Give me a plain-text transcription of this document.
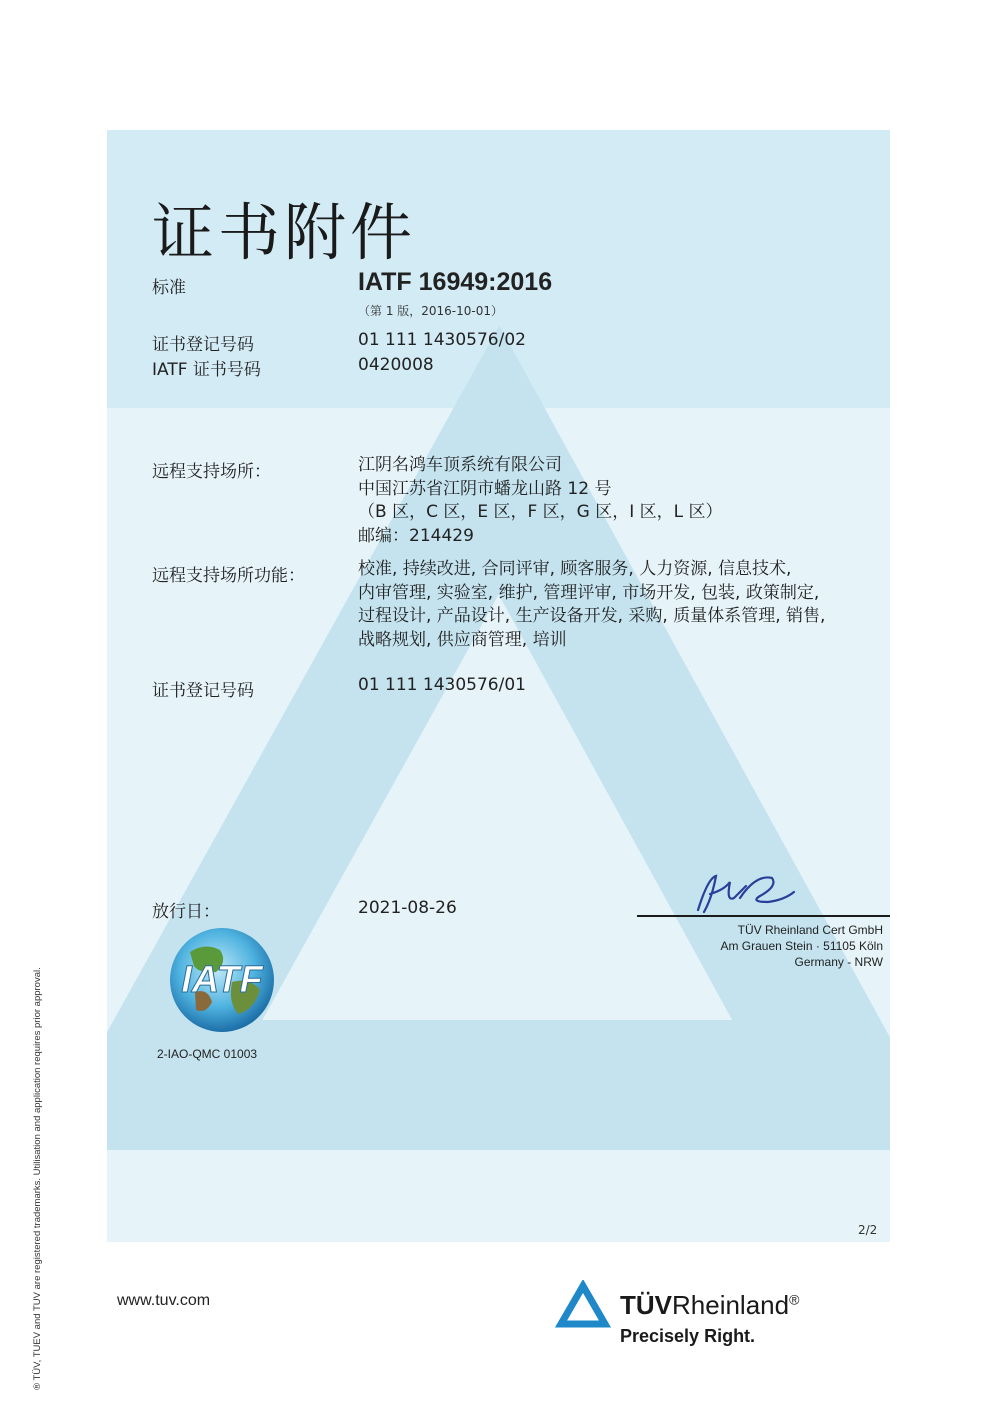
证书附件
标准	IATF 16949:2016
（第 1 版，2016-10-01）
证书登记号码	01 111 1430576/02
IATF 证书号码	0420008
远程支持场所：	江阴名鸿车顶系统有限公司
中国江苏省江阴市蟠龙山路 12 号
（B 区，C 区，E 区，F 区，G 区，I 区，L 区）
邮编：214429
远程支持场所功能：	校准, 持续改进, 合同评审, 顾客服务, 人力资源, 信息技术,
内审管理, 实验室, 维护, 管理评审, 市场开发, 包装, 政策制定,
过程设计, 产品设计, 生产设备开发, 采购, 质量体系管理, 销售,
战略规划, 供应商管理, 培训
证书登记号码	01 111 1430576/01
放行日：	2021-08-26
IATF
2-IAO-QMC 01003
TÜV Rheinland Cert GmbH
Am Grauen Stein · 51105 Köln
Germany - NRW
2/2
www.tuv.com	TÜVRheinland®
Precisely Right.
® TÜV, TUEV and TUV are registered trademarks. Utilisation and application requires prior approval.
